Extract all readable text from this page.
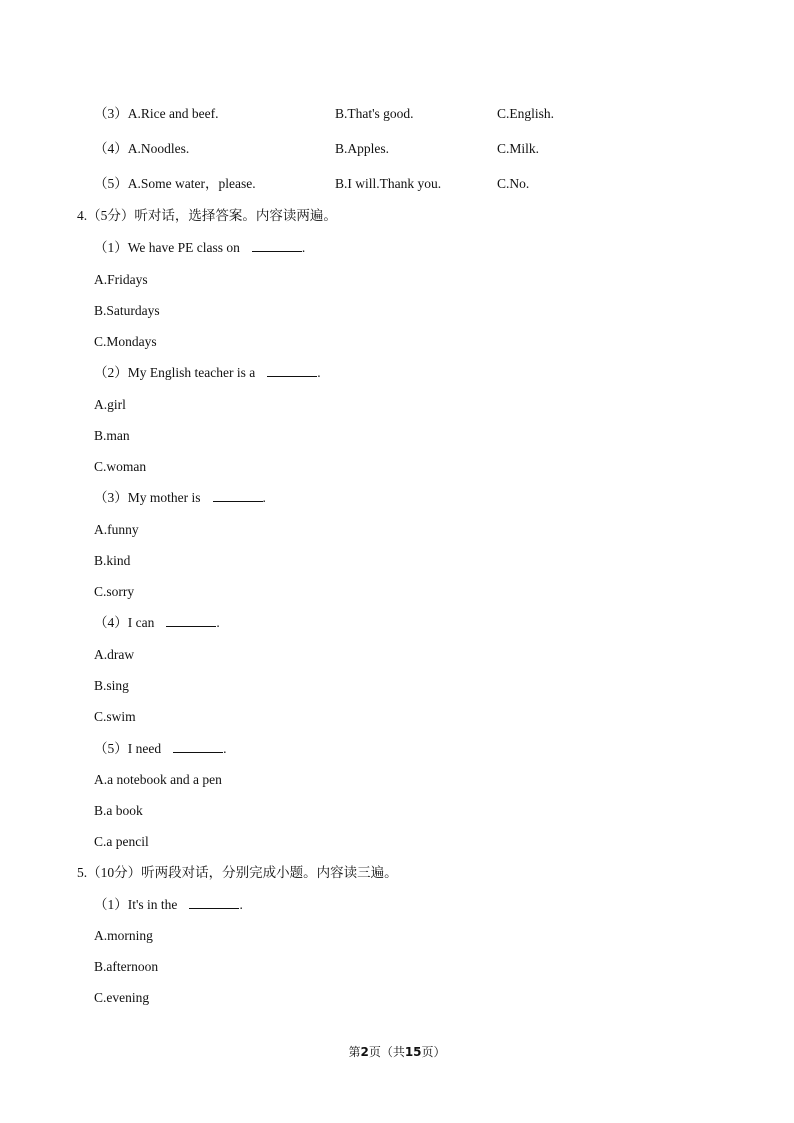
（3）A.Rice and beef.	B.That's good.	C.English.
（4）A.Noodles.	B.Apples.	C.Milk.
（5）A.Some water，please.	B.I will.Thank you.	C.No.
4.（5分）听对话，选择答案。内容读两遍。
（1）We have PE class on	.
A.Fridays
B.Saturdays
C.Mondays
（2）My English teacher is a	.
A.girl
B.man
C.woman
（3）My mother is	.
A.funny
B.kind
C.sorry
（4）I can	.
A.draw
B.sing
C.swim
（5）I need	.
A.a notebook and a pen
B.a book
C.a pencil
5.（10分）听两段对话，分别完成小题。内容读三遍。
（1）It's in the	.
A.morning
B.afternoon
C.evening
第2页（共15页）
